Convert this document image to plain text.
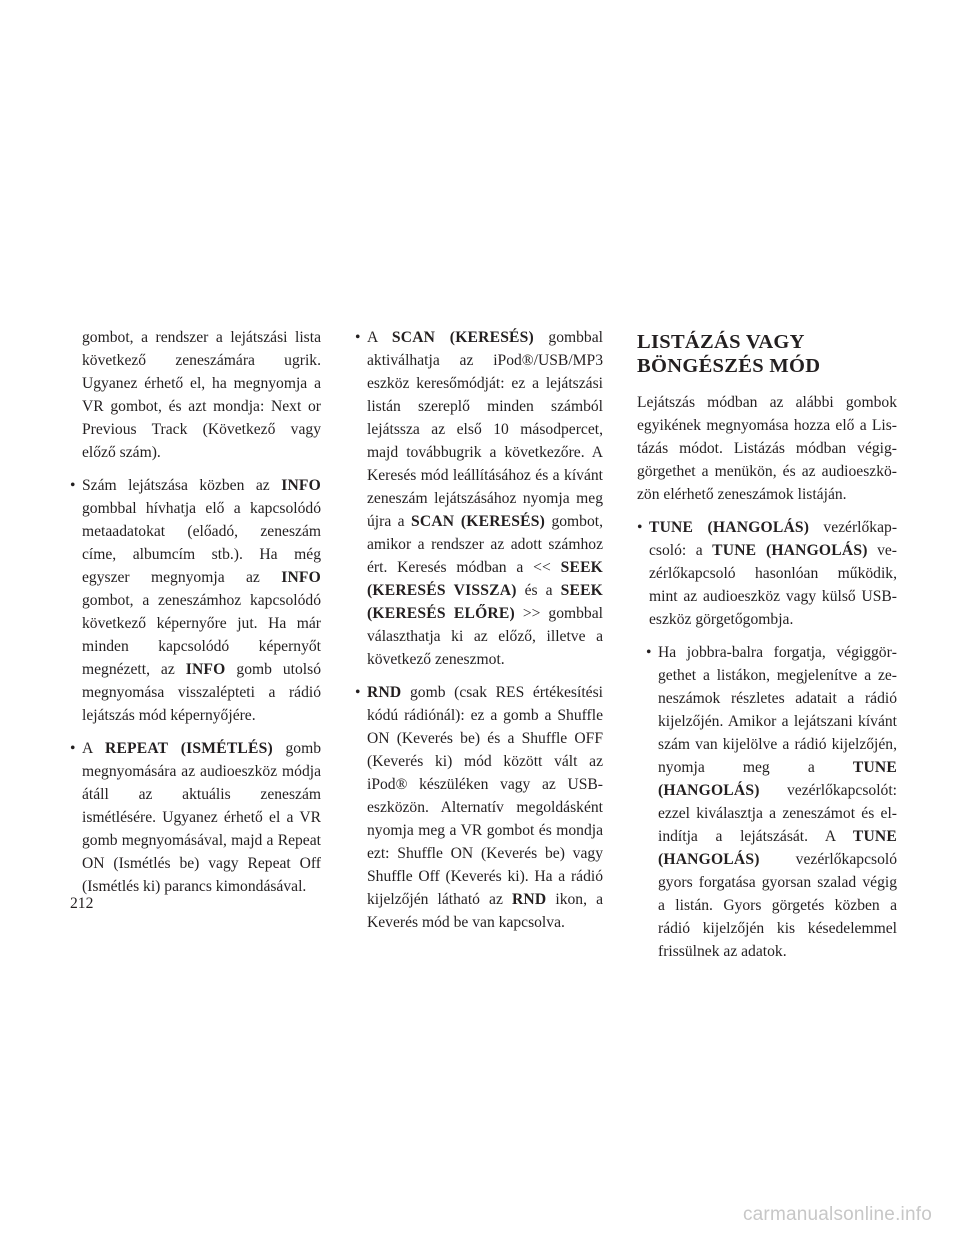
gombot, a rendszer a lejátszási lista következő zeneszámára ugrik. Ugyanez érhető el, ha megnyomja a VR gombot, és azt mondja: Next or Previous Track (Következő vagy előző szám).

• Szám lejátszása közben az INFO gombbal hívhatja elő a kapcsolódó metaadatokat (előadó, zeneszám címe, albumcím stb.). Ha még egyszer megnyomja az INFO gombot, a zeneszámhoz kapcsolódó következő képernyőre jut. Ha már minden kapcsolódó képernyőt megnézett, az INFO gomb utolsó megnyomása visszalépteti a rádió lejátszás mód képernyőjére.

• A REPEAT (ISMÉTLÉS) gomb megnyomására az audioeszköz módja átáll az aktuális zeneszám ismétlésére. Ugyanez érhető el a VR gomb megnyomásával, majd a Repeat ON (Ismétlés be) vagy Repeat Off (Ismétlés ki) parancs kimondásával.

• A SCAN (KERESÉS) gombbal aktiválhatja az iPod®/USB/MP3 eszköz keresőmódját: ez a lejátszási listán szereplő minden számból lejátssza az első 10 másodpercet, majd továbbugrik a következőre. A Keresés mód leállításához és a kívánt zeneszám lejátszásához nyomja meg újra a SCAN (KERESÉS) gombot, amikor a rendszer az adott számhoz ért. Keresés módban a << SEEK (KERESÉS VISSZA) és a SEEK (KERESÉS ELŐRE) >> gombbal választhatja ki az előző, illetve a következő zeneszmot.

• RND gomb (csak RES értékesítési kódú rádiónál): ez a gomb a Shuffle ON (Keverés be) és a Shuffle OFF (Keverés ki) mód között vált az iPod® készüléken vagy az USB-eszközön. Alternatív megoldásként nyomja meg a VR gombot és mondja ezt: Shuffle ON (Keverés be) vagy Shuffle Off (Keverés ki). Ha a rádió kijelzőjén látható az RND ikon, a Keverés mód be van kapcsolva.

LISTÁZÁS VAGY
BÖNGÉSZÉS MÓD

Lejátszás módban az alábbi gombok egyikének megnyomása hozza elő a Listázás módot. Listázás módban végiggörgethet a menükön, és az audioeszközön elérhető zeneszámok listáján.

• TUNE (HANGOLÁS) vezérlőkapcsoló: a TUNE (HANGOLÁS) vezérlőkapcsoló hasonlóan működik, mint az audioeszköz vagy külső USB-eszköz görgetőgombja.

• Ha jobbra-balra forgatja, végiggörgethet a listákon, megjelenítve a zeneszámok részletes adatait a rádió kijelzőjén. Amikor a lejátszani kívánt szám van kijelölve a rádió kijelzőjén, nyomja meg a TUNE (HANGOLÁS) vezérlőkapcsolót: ezzel kiválasztja a zeneszámot és elindítja a lejátszását. A TUNE (HANGOLÁS) vezérlőkapcsoló gyors forgatása gyorsan szalad végig a listán. Gyors görgetés közben a rádió kijelzőjén kis késedelemmel frissülnek az adatok.

212
carmanualsonline.info
